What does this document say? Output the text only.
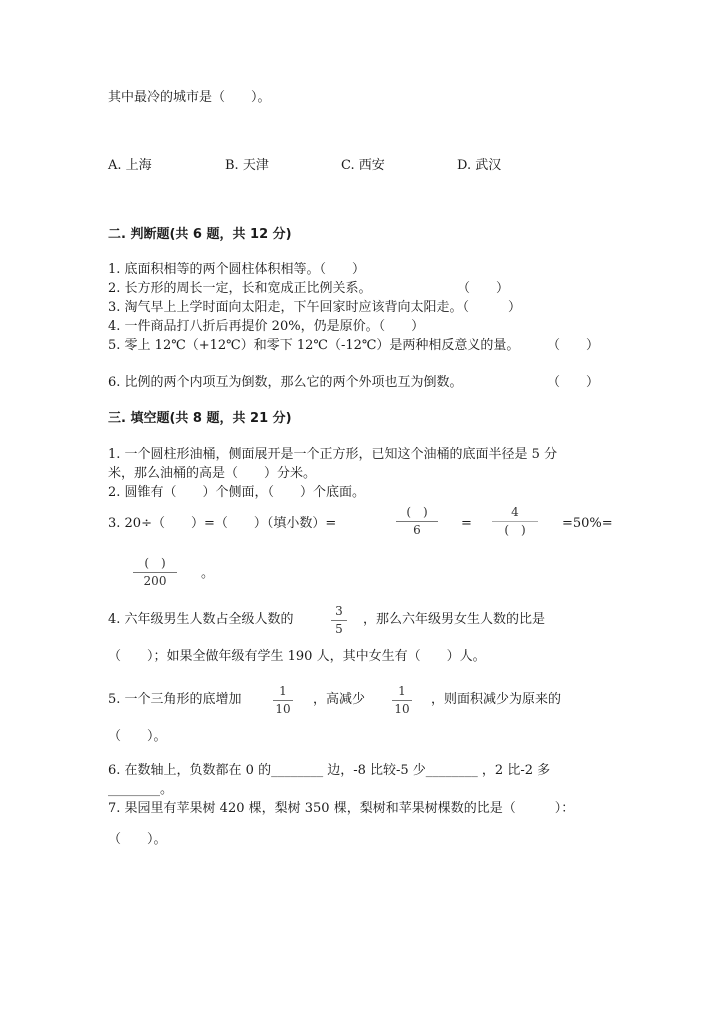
其中最冷的城市是（　　）。
A. 上海	B. 天津	C. 西安	D. 武汉
二. 判断题(共 6 题，共 12 分)
1. 底面积相等的两个圆柱体积相等。（　　）
2. 长方形的周长一定，长和宽成正比例关系。	（　　）
3. 淘气早上上学时面向太阳走，下午回家时应该背向太阳走。（　　　）
4. 一件商品打八折后再提价 20%，仍是原价。（　　）
5. 零上 12℃（+12℃）和零下 12℃（-12℃）是两种相反意义的量。 （　　）
6. 比例的两个内项互为倒数，那么它的两个外项也互为倒数。	（　　）
三. 填空题(共 8 题，共 21 分)
1. 一个圆柱形油桶，侧面展开是一个正方形，已知这个油桶的底面半径是 5 分
米，那么油桶的高是（　　）分米。
2. 圆锥有（　　）个侧面，（　　）个底面。
3. 20÷（　　）=（　　）（填小数）=
(　)
6	=
4
(　)	=50%=
(　)
200	。
4. 六年级男生人数占全级人数的
3
5
，那么六年级男女生人数的比是
（　　）；如果全做年级有学生 190 人，其中女生有（　　）人。
5. 一个三角形的底增加
1
10
，高减少
1
10
，则面积减少为原来的
（　　）。
6. 在数轴上，负数都在 0 的________ 边，-8 比较-5 少________ ，2 比-2 多
________。
7. 果园里有苹果树 420 棵，梨树 350 棵，梨树和苹果树棵数的比是（　　　）：
（　　）。
